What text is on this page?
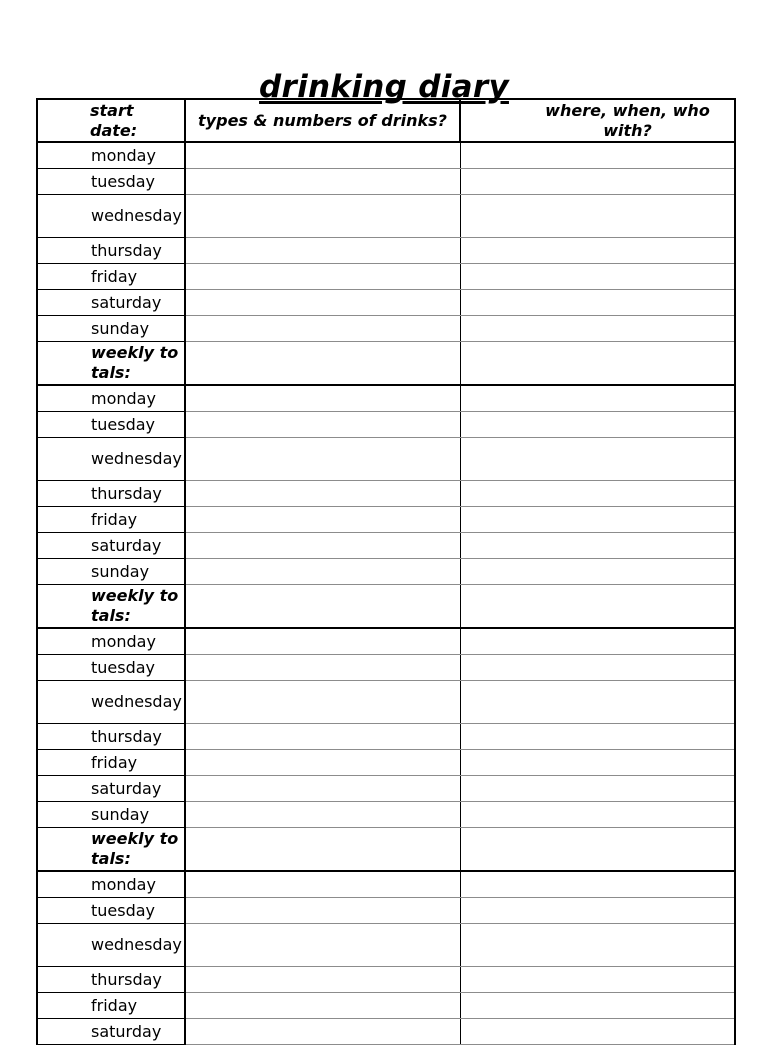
drinking diary
start date:	types & numbers of drinks?	where, when, who with?
monday		
tuesday		
wednesday		
thursday		
friday		
saturday		
sunday		
weekly totals:		
monday		
tuesday		
wednesday		
thursday		
friday		
saturday		
sunday		
weekly totals:		
monday		
tuesday		
wednesday		
thursday		
friday		
saturday		
sunday		
weekly totals:		
monday		
tuesday		
wednesday		
thursday		
friday		
saturday		
